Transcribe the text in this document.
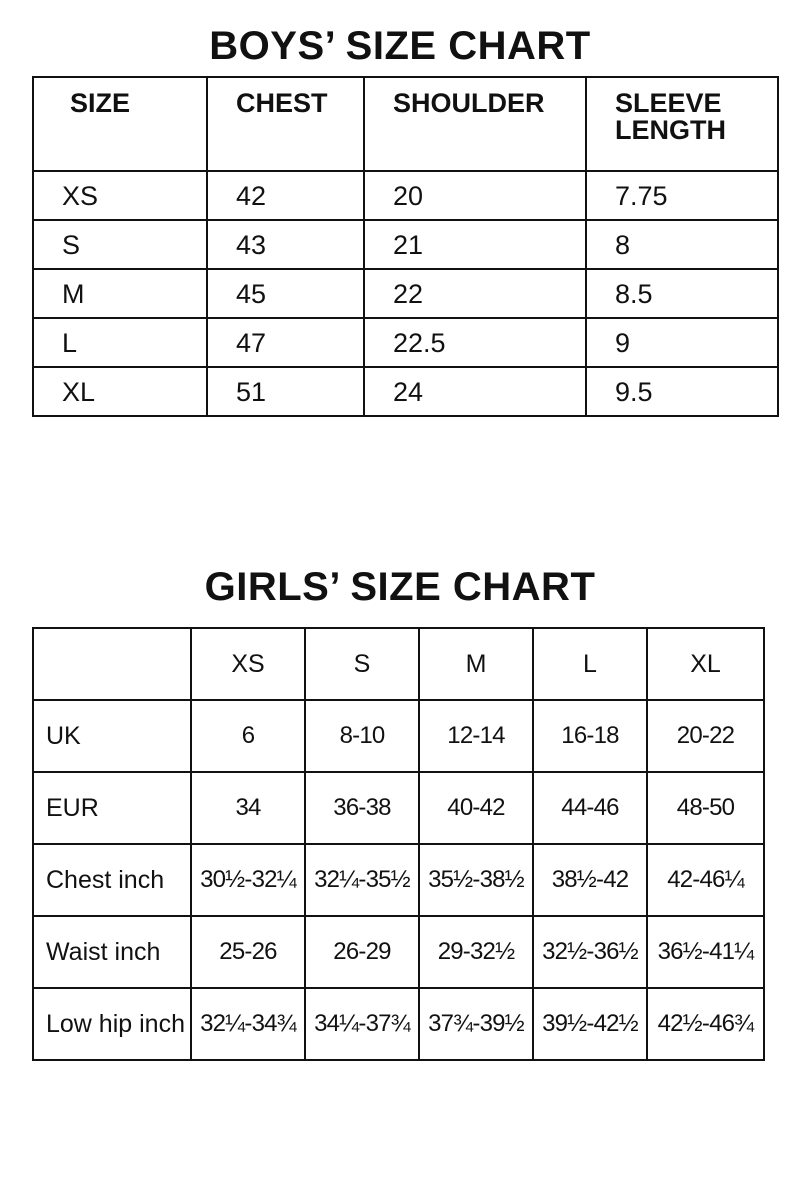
BOYS’ SIZE CHART
SIZE	CHEST	SHOULDER	SLEEVE
LENGTH

XS	42	20	7.75
S	43	21	8
M	45	22	8.5
L	47	22.5	9
XL	51	24	9.5
GIRLS’ SIZE CHART
	XS	S	M	L	XL
UK	6	8-10	12-14	16-18	20-22
EUR	34	36-38	40-42	44-46	48-50
Chest inch	30½-32¼	32¼-35½	35½-38½	38½-42	42-46¼
Waist inch	25-26	26-29	29-32½	32½-36½	36½-41¼
Low hip inch	32¼-34¾	34¼-37¾	37¾-39½	39½-42½	42½-46¾
